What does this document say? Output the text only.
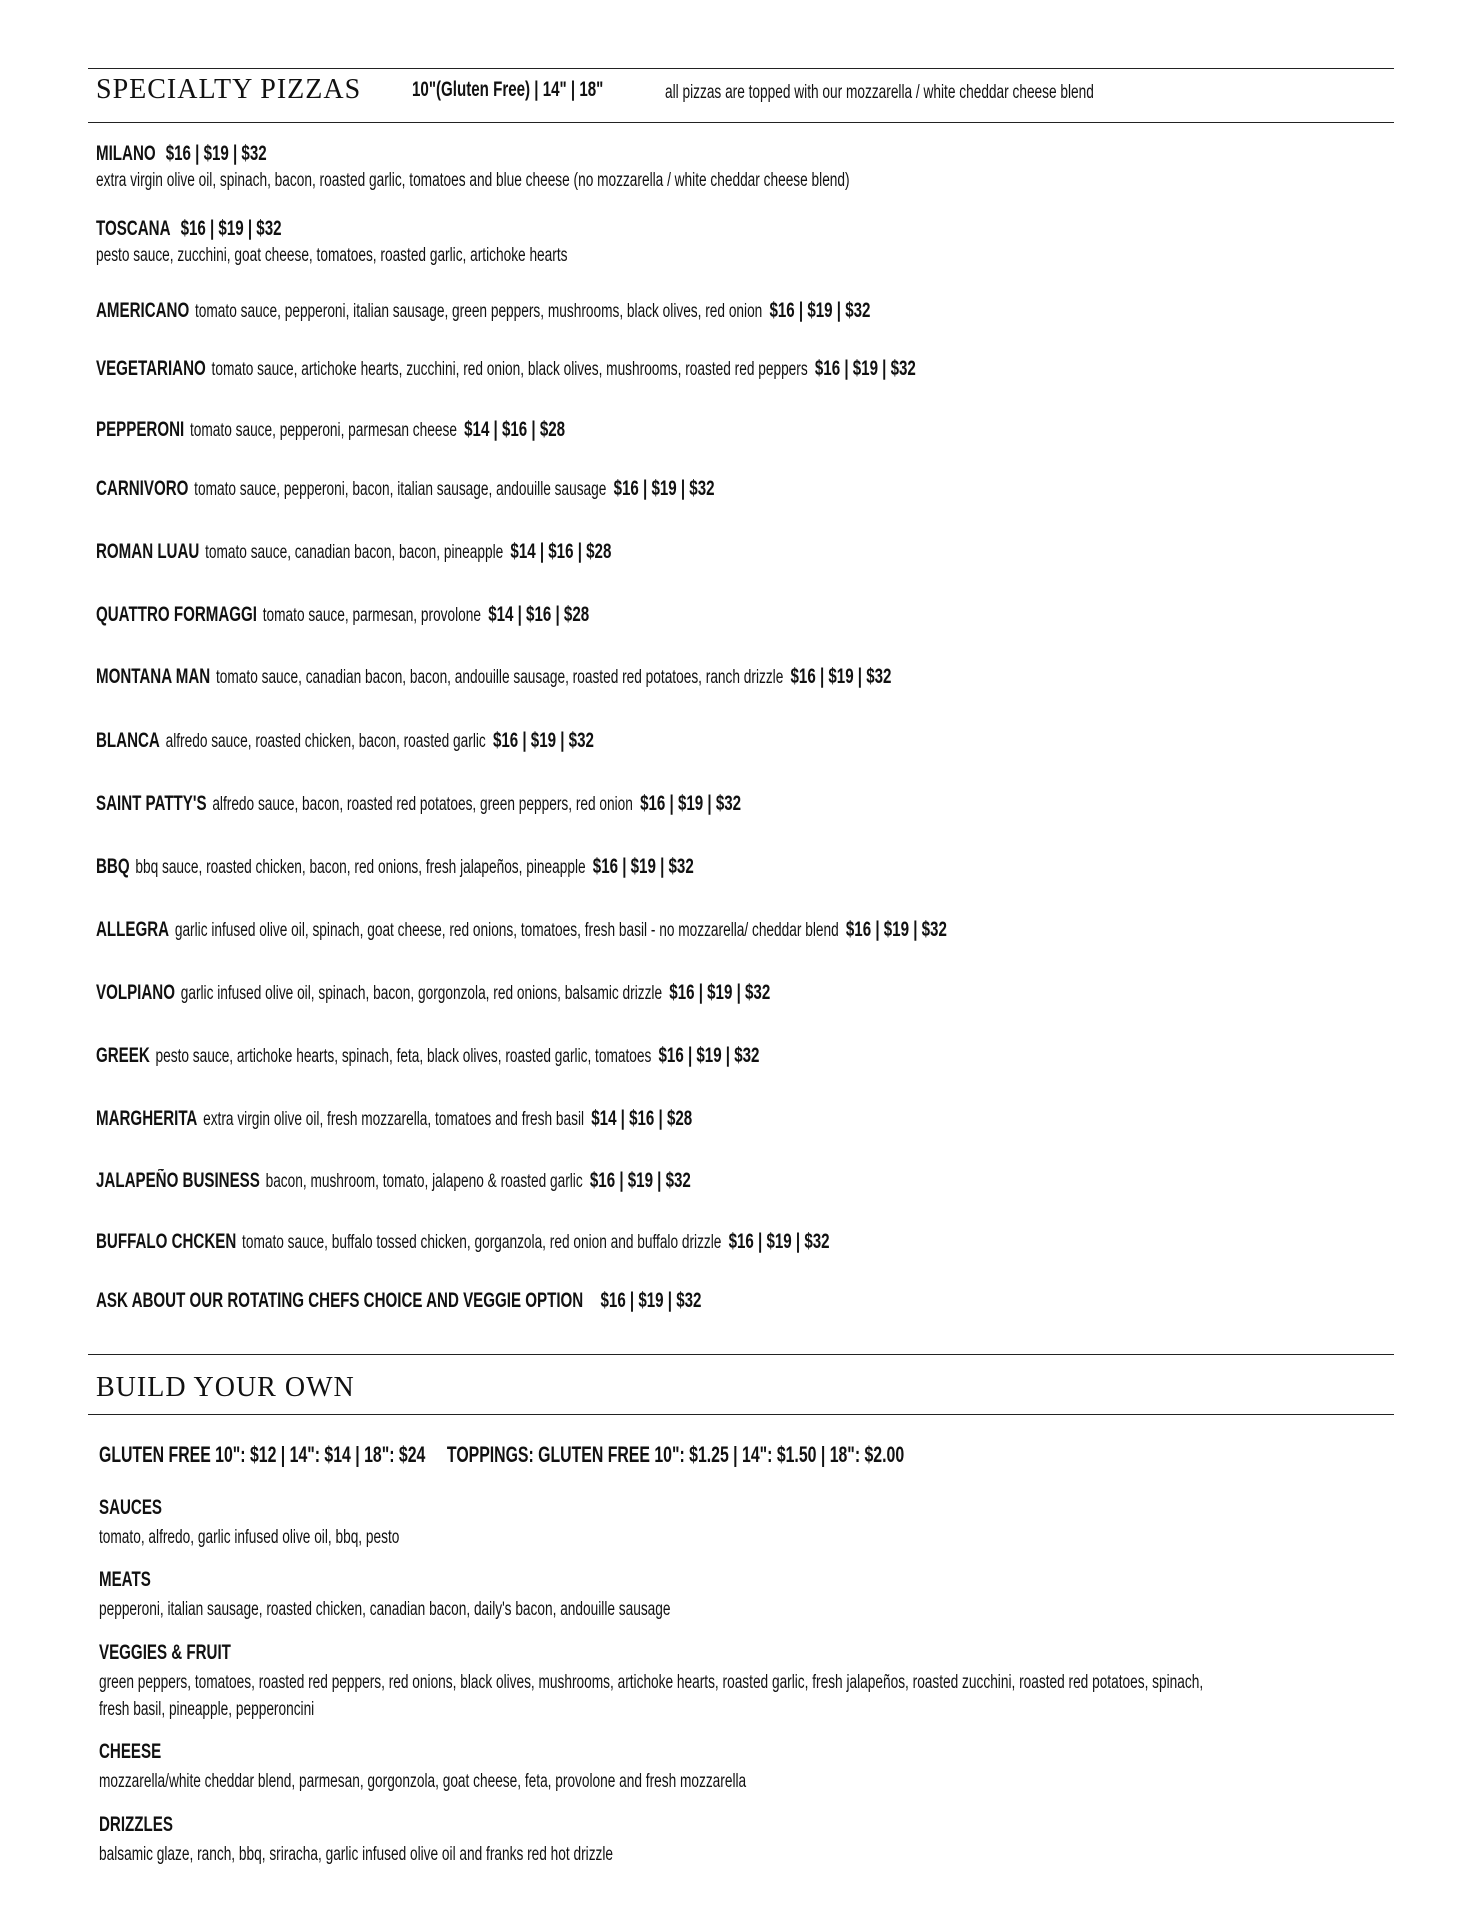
SPECIALTY PIZZAS 10"(Gluten Free) | 14" | 18"	all pizzas are topped with our mozzarella / white cheddar cheese blend
MILANO $16 | $19 | $32
extra virgin olive oil, spinach, bacon, roasted garlic, tomatoes and blue cheese (no mozzarella / white cheddar cheese blend)
TOSCANA $16 | $19 | $32
pesto sauce, zucchini, goat cheese, tomatoes, roasted garlic, artichoke hearts
AMERICANO tomato sauce, pepperoni, italian sausage, green peppers, mushrooms, black olives, red onion $16 | $19 | $32
VEGETARIANO tomato sauce, artichoke hearts, zucchini, red onion, black olives, mushrooms, roasted red peppers $16 | $19 | $32
PEPPERONI tomato sauce, pepperoni, parmesan cheese $14 | $16 | $28
CARNIVORO tomato sauce, pepperoni, bacon, italian sausage, andouille sausage $16 | $19 | $32
ROMAN LUAU tomato sauce, canadian bacon, bacon, pineapple $14 | $16 | $28
QUATTRO FORMAGGI tomato sauce, parmesan, provolone $14 | $16 | $28
MONTANA MAN tomato sauce, canadian bacon, bacon, andouille sausage, roasted red potatoes, ranch drizzle $16 | $19 | $32
BLANCA alfredo sauce, roasted chicken, bacon, roasted garlic $16 | $19 | $32
SAINT PATTY'S alfredo sauce, bacon, roasted red potatoes, green peppers, red onion $16 | $19 | $32
BBQ bbq sauce, roasted chicken, bacon, red onions, fresh jalapeños, pineapple $16 | $19 | $32
ALLEGRA garlic infused olive oil, spinach, goat cheese, red onions, tomatoes, fresh basil - no mozzarella/ cheddar blend $16 | $19 | $32
VOLPIANO garlic infused olive oil, spinach, bacon, gorgonzola, red onions, balsamic drizzle $16 | $19 | $32
GREEK pesto sauce, artichoke hearts, spinach, feta, black olives, roasted garlic, tomatoes $16 | $19 | $32
MARGHERITA extra virgin olive oil, fresh mozzarella, tomatoes and fresh basil $14 | $16 | $28
JALAPEÑO BUSINESS bacon, mushroom, tomato, jalapeno & roasted garlic $16 | $19 | $32
BUFFALO CHCKEN tomato sauce, buffalo tossed chicken, gorganzola, red onion and buffalo drizzle $16 | $19 | $32
ASK ABOUT OUR ROTATING CHEFS CHOICE AND VEGGIE OPTION $16 | $19 | $32
BUILD YOUR OWN
GLUTEN FREE 10": $12 | 14": $14 | 18": $24 TOPPINGS: GLUTEN FREE 10": $1.25 | 14": $1.50 | 18": $2.00
SAUCES
tomato, alfredo, garlic infused olive oil, bbq, pesto
MEATS
pepperoni, italian sausage, roasted chicken, canadian bacon, daily's bacon, andouille sausage
VEGGIES & FRUIT
green peppers, tomatoes, roasted red peppers, red onions, black olives, mushrooms, artichoke hearts, roasted garlic, fresh jalapeños, roasted zucchini, roasted red potatoes, spinach,
fresh basil, pineapple, pepperoncini
CHEESE
mozzarella/white cheddar blend, parmesan, gorgonzola, goat cheese, feta, provolone and fresh mozzarella
DRIZZLES
balsamic glaze, ranch, bbq, sriracha, garlic infused olive oil and franks red hot drizzle
